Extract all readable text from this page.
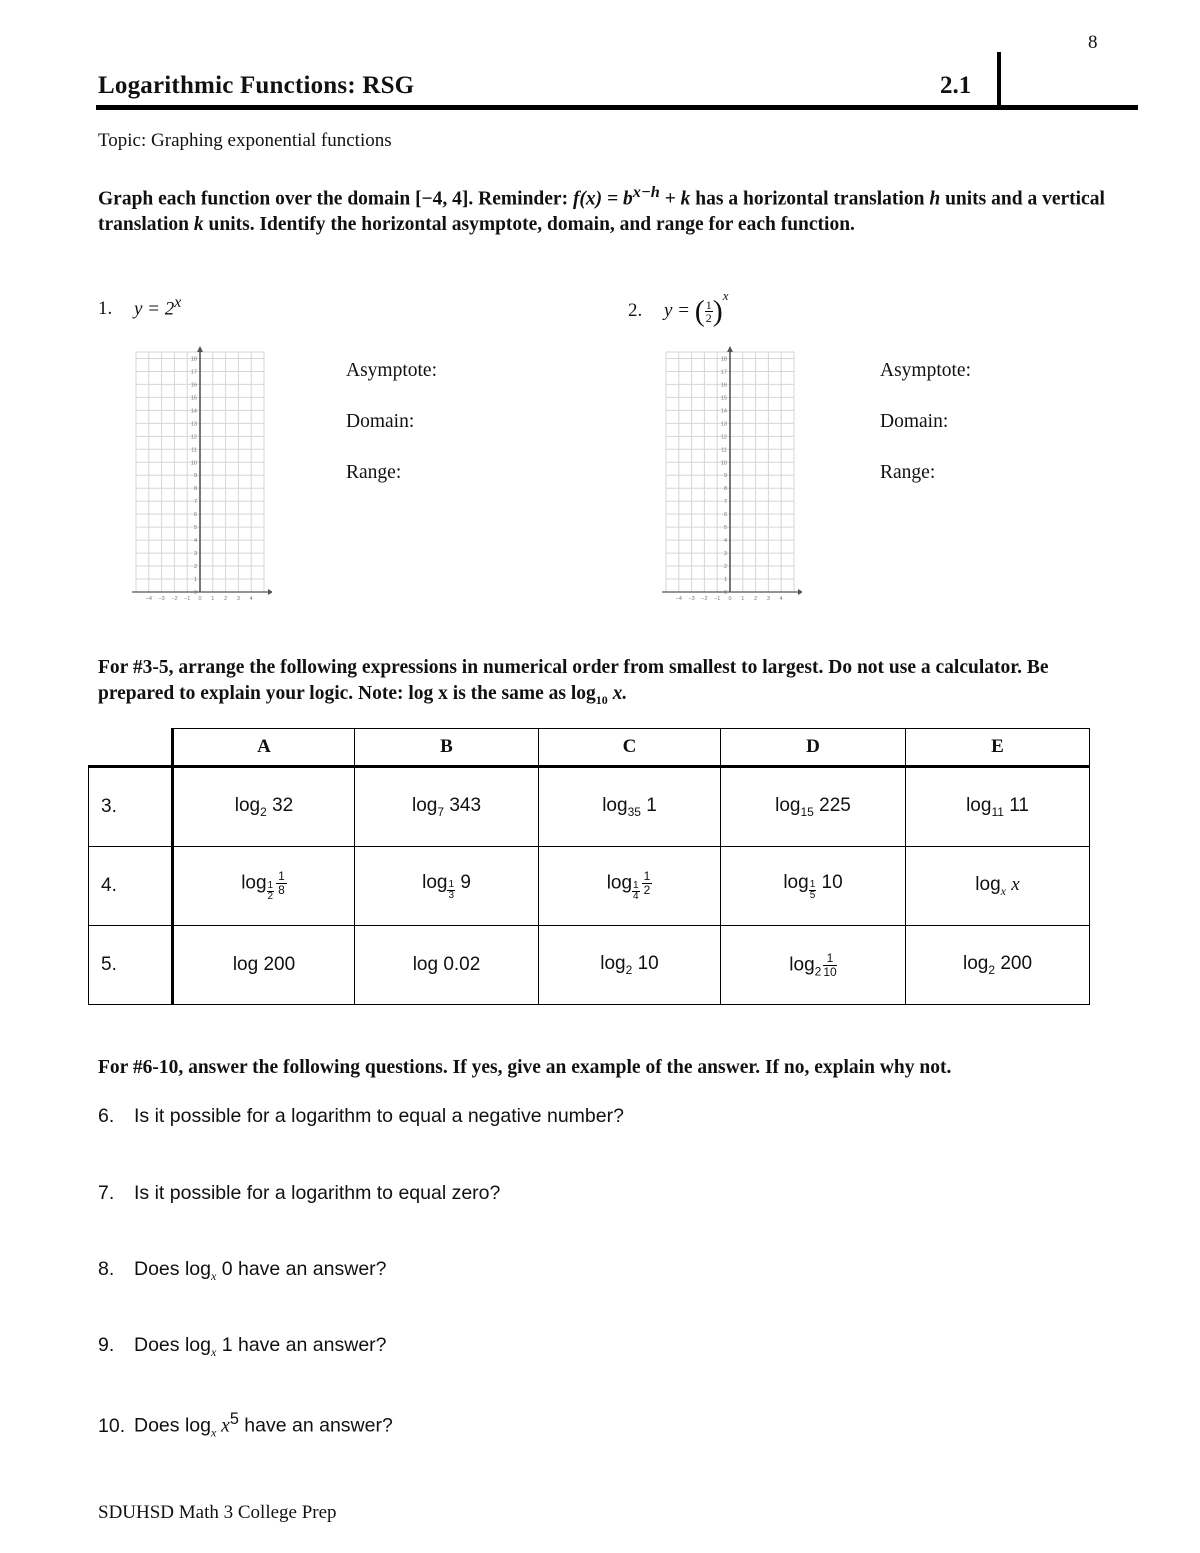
8
Logarithmic Functions: RSG	2.1
Topic: Graphing exponential functions
Graph each function over the domain [−4, 4]. Reminder: $f(x) = b^{x-h} + k$ has a horizontal translation h units and a vertical translation k units. Identify the horizontal asymptote, domain, and range for each function.
1. $y = 2^x$	2. y = ( $\frac{1}{2} )^x$
0
1
2
3
4
5
6
7
8
9
10
11
12
13
14
15
16
17
18
−4 −3 −2 −1 0 1 2 3 4
0
1
2
3
4
5
6
7
8
9
10
11
12
13
14
15
16
17
18
−4 −3 −2 −1 0 1 2 3 4
Asymptote:
Domain:
Range:
Asymptote:
Domain:
Range:
For #3-5, arrange the following expressions in numerical order from smallest to largest. Do not use a calculator. Be prepared to explain your logic. Note: log x is the same as $\log_{10} x$.
	A	B	C	D	E
3.	$\log_2 32$	$\log_7 343$	$\log_{35} 1$	$\log_{15} 225$	$\log_{11} 11$
4.	$\log \frac{1}{2} \frac{1}{8}$	$\log \frac{1}{3} 9$	$\log \frac{1}{4} \frac{1}{2}$	$\log \frac{1}{5} 10$	$\log_x x$
5.	log 200	log 0.02	$\log_2 10$	$\log_2 \frac{1}{10}$	$\log_2 200$
For #6-10, answer the following questions. If yes, give an example of the answer. If no, explain why not.
6. Is it possible for a logarithm to equal a negative number?
7. Is it possible for a logarithm to equal zero?
8. Does $\log_x 0$ have an answer?
9. Does $\log_x 1$ have an answer?
10. Does $\log_x x^5$ have an answer?
SDUHSD Math 3 College Prep
